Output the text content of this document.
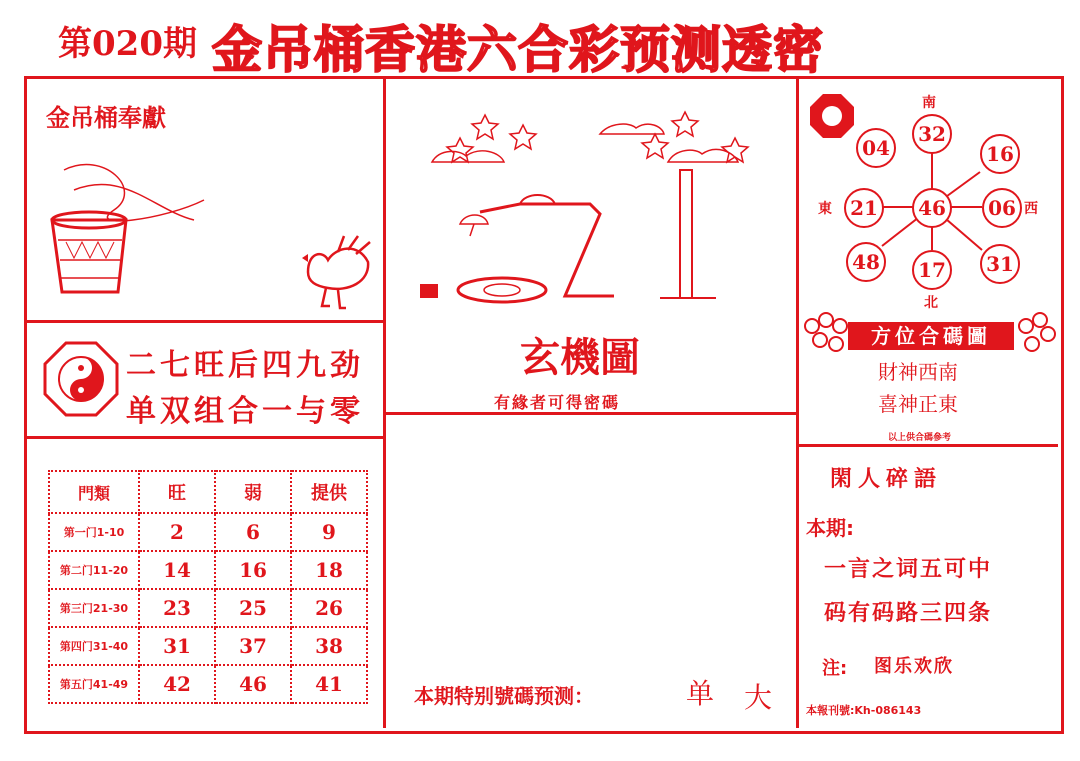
第020期 金吊桶香港六合彩预测透密
金吊桶奉獻
二七旺后四九劲
单双组合一与零
門類	旺	弱	提供
第一门1-10	2	6	9
第二门11-20	14	16	18
第三门21-30	23	25	26
第四门31-40	31	37	38
第五门41-49	42	46	41
玄機圖
有緣者可得密碼
本期特别號碼预测：	单 大
南
北
東	西
46
32
16
06
31
17
48
21
04
方位合碼圖
財神西南
喜神正東
以上供合碼參考
閑人碎語
本期:
一言之词五可中
码有码路三四条
注: 图乐欢欣
本報刊號:Kh-086143
